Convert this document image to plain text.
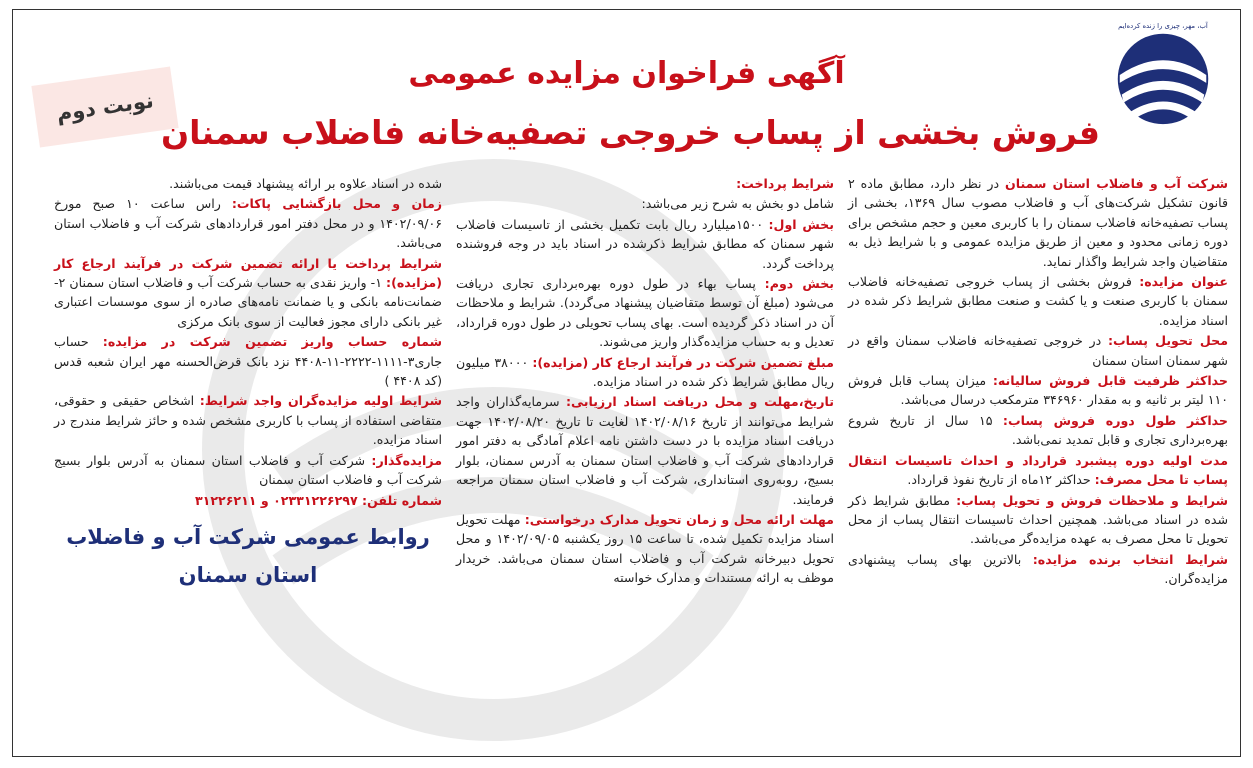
نوبت دوم
آگهی فراخوان مزایده عمومی
فروش بخشی از پساب خروجی تصفیه‌خانه فاضلاب سمنان
آب، مهر، چیزی را زنده کرده‌ایم

شرکت آب و فاضلاب استان سمنان در نظر دارد، مطابق ماده ۲ قانون تشکیل شرکت‌های آب و فاضلاب مصوب سال ۱۳۶۹، بخشی از پساب تصفیه‌خانه فاضلاب سمنان را با کاربری معین و حجم مشخص برای دوره زمانی محدود و معین از طریق مزایده عمومی و با شرایط ذیل به متقاضیان واجد شرایط واگذار نماید.

عنوان مزایده: فروش بخشی از پساب خروجی تصفیه‌خانه فاضلاب سمنان با کاربری صنعت و یا کشت و صنعت مطابق شرایط ذکر شده در اسناد مزایده.

محل تحویل پساب: در خروجی تصفیه‌خانه فاضلاب سمنان واقع در شهر سمنان استان سمنان

حداکثر ظرفیت قابل فروش سالیانه: میزان پساب قابل فروش ۱۱۰ لیتر بر ثانیه و به مقدار ۳۴۶۹۶۰ مترمکعب درسال می‌باشد.

حداکثر طول دوره فروش پساب: ۱۵ سال از تاریخ شروع بهره‌برداری تجاری و قابل تمدید نمی‌باشد.

مدت اولیه دوره پیشبرد قرارداد و احداث تاسیسات انتقال پساب تا محل مصرف: حداکثر ۱۲ماه از تاریخ نفوذ قرارداد.

شرایط و ملاحظات فروش و تحویل پساب: مطابق شرایط ذکر شده در اسناد می‌باشد. همچنین احداث تاسیسات انتقال پساب از محل تحویل تا محل مصرف به عهده مزایده‌گر می‌باشد.

شرایط انتخاب برنده مزایده: بالاترین بهای پساب پیشنهادی مزایده‌گران.

شرایط پرداخت:

شامل دو بخش به شرح زیر می‌باشد:

بخش اول: ۱۵۰۰میلیارد ریال بابت تکمیل بخشی از تاسیسات فاضلاب شهر سمنان که مطابق شرایط ذکرشده در اسناد باید در وجه فروشنده پرداخت گردد.

بخش دوم: پساب بهاء در طول دوره بهره‌برداری تجاری دریافت می‌شود (مبلغ آن توسط متقاضیان پیشنهاد می‌گردد). شرایط و ملاحظات آن در اسناد ذکر گردیده است. بهای پساب تحویلی در طول دوره قرارداد، تعدیل و به حساب مزایده‌گذار واریز می‌شوند.

مبلغ تضمین شرکت در فرآیند ارجاع کار (مزایده): ۳۸۰۰۰ میلیون ریال مطابق شرایط ذکر شده در اسناد مزایده.

تاریخ،مهلت و محل دریافت اسناد ارزیابی: سرمایه‌گذاران واجد شرایط می‌توانند از تاریخ ۱۴۰۲/۰۸/۱۶ لغایت تا تاریخ ۱۴۰۲/۰۸/۲۰ جهت دریافت اسناد مزایده با در دست داشتن نامه اعلام آمادگی به دفتر امور قراردادهای شرکت آب و فاضلاب استان سمنان به آدرس سمنان، بلوار بسیج، روبه‌روی استانداری، شرکت آب و فاضلاب استان سمنان مراجعه فرمایند.

مهلت ارائه محل و زمان تحویل مدارک درخواستی: مهلت تحویل اسناد مزایده تکمیل شده، تا ساعت ۱۵ روز یکشنبه ۱۴۰۲/۰۹/۰۵ و محل تحویل دبیرخانه شرکت آب و فاضلاب استان سمنان می‌باشد. خریدار موظف به ارائه مستندات و مدارک خواسته

شده در اسناد علاوه بر ارائه پیشنهاد قیمت می‌باشند.

زمان و محل بازگشایی پاکات: راس ساعت ۱۰ صبح مورخ ۱۴۰۲/۰۹/۰۶ و در محل دفتر امور قراردادهای شرکت آب و فاضلاب استان می‌باشد.

شرایط پرداخت یا ارائه تضمین شرکت در فرآیند ارجاع کار (مزایده): ۱- واریز نقدی به حساب شرکت آب و فاضلاب استان سمنان ۲- ضمانت‌نامه بانکی و یا ضمانت نامه‌های صادره از سوی موسسات اعتباری غیر بانکی دارای مجوز فعالیت از سوی بانک مرکزی

شماره حساب واریز تضمین شرکت در مزایده: حساب جاری۳-۱۱۱۱-۲۲۲۲-۱۱-۴۴۰۸ نزد بانک قرض‌الحسنه مهر ایران شعبه قدس (کد ۴۴۰۸ )

شرایط اولیه مزایده‌گران واجد شرایط: اشخاص حقیقی و حقوقی، متقاضی استفاده از پساب با کاربری مشخص شده و حائز شرایط مندرج در اسناد مزایده.

مزایده‌گذار: شرکت آب و فاضلاب استان سمنان به آدرس بلوار بسیج شرکت آب و فاضلاب استان سمنان

شماره تلفن: ۰۲۳۳۱۲۲۶۲۹۷ و ۳۱۲۲۶۲۱۱

روابط عمومی شرکت آب و فاضلاب
استان سمنان
